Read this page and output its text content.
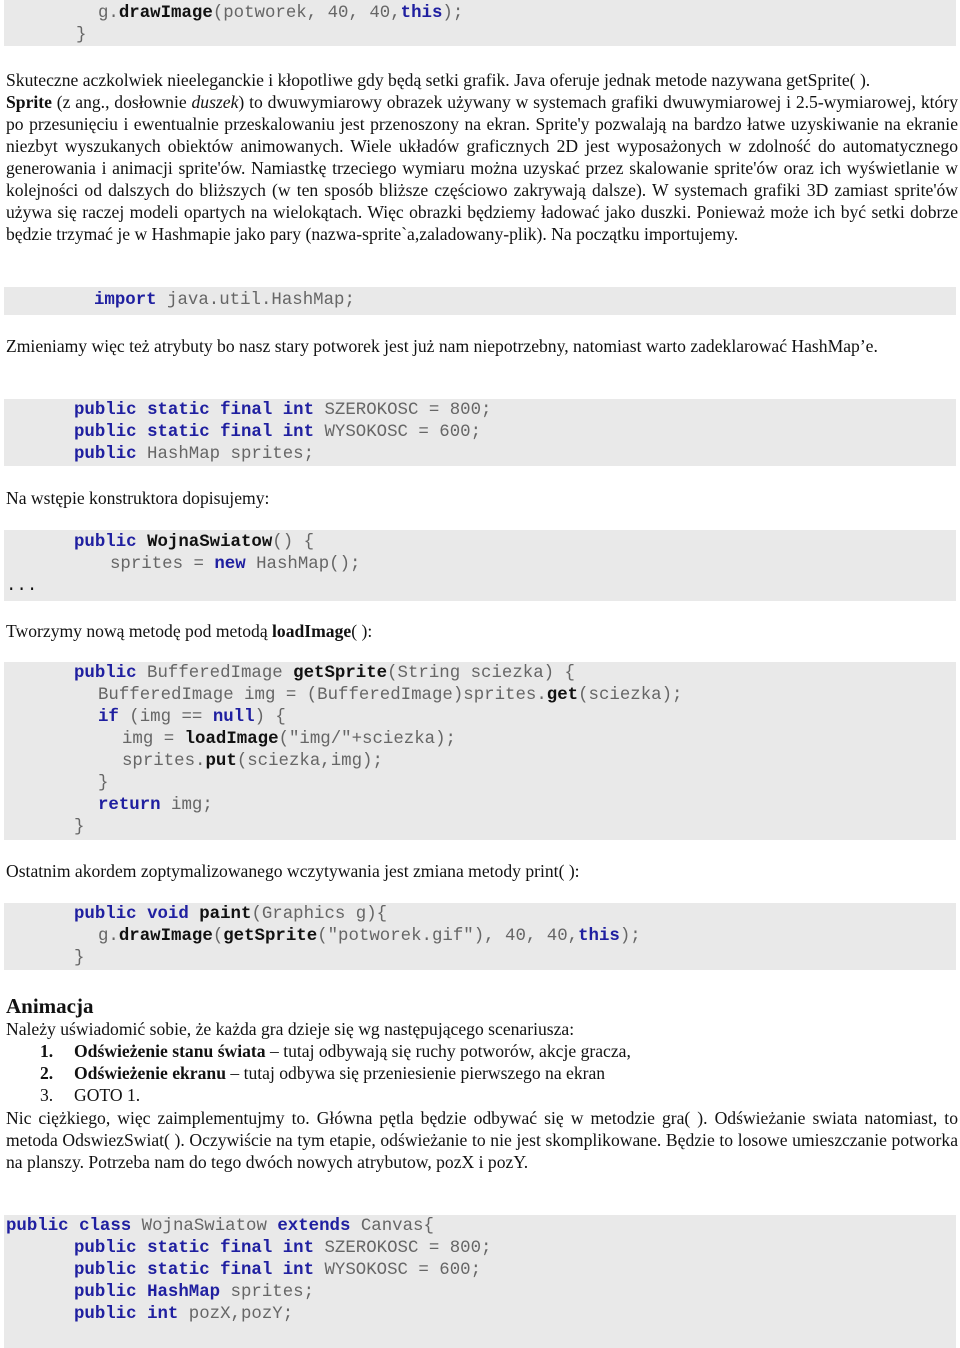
g.drawImage(potworek, 40, 40,this);
}

Skuteczne aczkolwiek nieeleganckie i kłopotliwe gdy będą setki grafik. Java oferuje jednak metode nazywana getSprite( ).
Sprite (z ang., dosłownie duszek) to dwuwymiarowy obrazek używany w systemach grafiki dwuwymiarowej i 2.5-wymiarowej, który po przesunięciu i ewentualnie przeskalowaniu jest przenoszony na ekran. Sprite'y pozwalają na bardzo łatwe uzyskiwanie na ekranie niezbyt wyszukanych obiektów animowanych. Wiele układów graficznych 2D jest wyposażonych w zdolność do automatycznego generowania i animacji sprite'ów. Namiastkę trzeciego wymiaru można uzyskać przez skalowanie sprite'ów oraz ich wyświetlanie w kolejności od dalszych do bliższych (w ten sposób bliższe częściowo zakrywają dalsze). W systemach grafiki 3D zamiast sprite'ów używa się raczej modeli opartych na wielokątach. Więc obrazki będziemy ładować jako duszki. Ponieważ może ich być setki dobrze będzie trzymać je w Hashmapie jako pary (nazwa-sprite`a,zaladowany-plik). Na początku importujemy.

import java.util.HashMap;

Zmieniamy więc też atrybuty bo nasz stary potworek jest już nam niepotrzebny, natomiast warto zadeklarować HashMap’e.

public static final int SZEROKOSC = 800;
public static final int WYSOKOSC = 600;
public HashMap sprites;

Na wstępie konstruktora dopisujemy:

public WojnaSwiatow() {
sprites = new HashMap();
...

Tworzymy nową metodę pod metodą loadImage( ):

public BufferedImage getSprite(String sciezka) {
BufferedImage img = (BufferedImage)sprites.get(sciezka);
if (img == null) {
img = loadImage("img/"+sciezka);
sprites.put(sciezka,img);
}
return img;
}

Ostatnim akordem zoptymalizowanego wczytywania jest zmiana metody print( ):

public void paint(Graphics g){
g.drawImage(getSprite("potworek.gif"), 40, 40,this);
}
Animacja

Należy uświadomić sobie, że każda gra dzieje się wg następującego scenariusza:

1. Odświeżenie stanu świata – tutaj odbywają się ruchy potworów, akcje gracza,
2. Odświeżenie ekranu – tutaj odbywa się przeniesienie pierwszego na ekran
3. GOTO 1.

Nic ciężkiego, więc zaimplementujmy to. Główna pętla będzie odbywać się w metodzie gra( ). Odświeżanie swiata natomiast, to metoda OdswiezSwiat( ). Oczywiście na tym etapie, odświeżanie to nie jest skomplikowane. Będzie to losowe umieszczanie potworka na planszy. Potrzeba nam do tego dwóch nowych atrybutow, pozX i pozY.

public class WojnaSwiatow extends Canvas{
public static final int SZEROKOSC = 800;
public static final int WYSOKOSC = 600;
public HashMap sprites;
public int pozX,pozY;
